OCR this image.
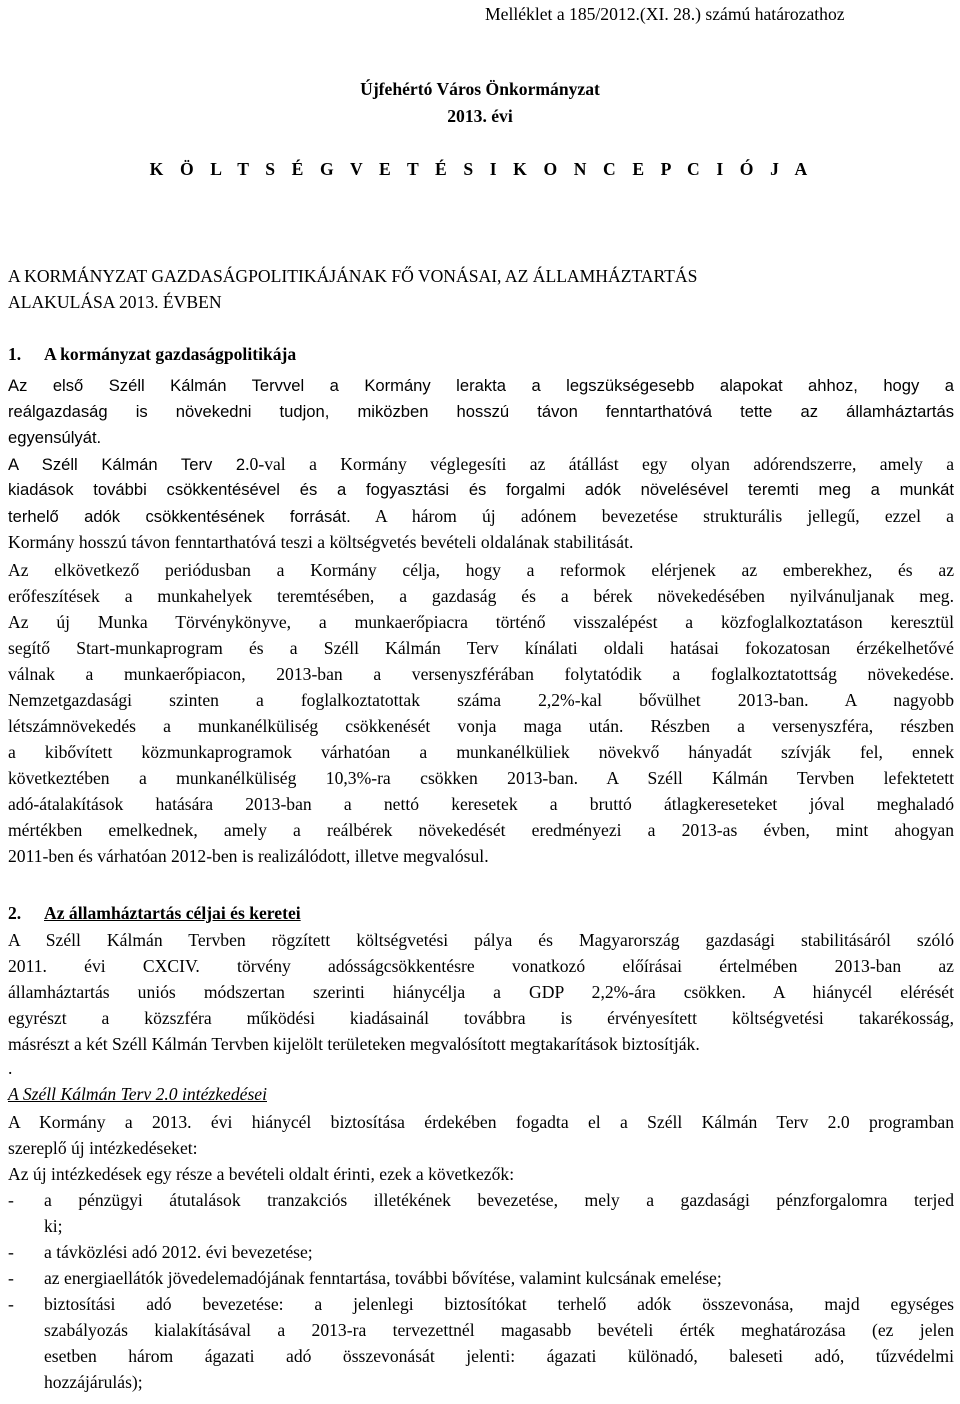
Melléklet a 185/2012.(XI. 28.) számú határozathoz
Újfehértó Város Önkormányzat
2013. évi
K Ö L T S É G V E T É S I K O N C E P C I Ó J A
A KORMÁNYZAT GAZDASÁGPOLITIKÁJÁNAK FŐ VONÁSAI, AZ ÁLLAMHÁZTARTÁS
ALAKULÁSA 2013. ÉVBEN
1. A kormányzat gazdaságpolitikája
Az első Széll Kálmán Tervvel a Kormány lerakta a legszükségesebb alapokat ahhoz, hogy a
reálgazdaság is növekedni tudjon, miközben hosszú távon fenntarthatóvá tette az államháztartás
egyensúlyát.
A Széll Kálmán Terv 2.0-val a Kormány véglegesíti az átállást egy olyan adórendszerre, amely a
kiadások további csökkentésével és a fogyasztási és forgalmi adók növelésével teremti meg a munkát
terhelő adók csökkentésének forrását. A három új adónem bevezetése strukturális jellegű, ezzel a
Kormány hosszú távon fenntarthatóvá teszi a költségvetés bevételi oldalának stabilitását.
Az elkövetkező periódusban a Kormány célja, hogy a reformok elérjenek az emberekhez, és az
erőfeszítések a munkahelyek teremtésében, a gazdaság és a bérek növekedésében nyilvánuljanak meg.
Az új Munka Törvénykönyve, a munkaerőpiacra történő visszalépést a közfoglalkoztatáson keresztül
segítő Start-munkaprogram és a Széll Kálmán Terv kínálati oldali hatásai fokozatosan érzékelhetővé
válnak a munkaerőpiacon, 2013-ban a versenyszférában folytatódik a foglalkoztatottság növekedése.
Nemzetgazdasági szinten a foglalkoztatottak száma 2,2%-kal bővülhet 2013-ban. A nagyobb
létszámnövekedés a munkanélküliség csökkenését vonja maga után. Részben a versenyszféra, részben
a kibővített közmunkaprogramok várhatóan a munkanélküliek növekvő hányadát szívják fel, ennek
következtében a munkanélküliség 10,3%-ra csökken 2013-ban. A Széll Kálmán Tervben lefektetett
adó-átalakítások hatására 2013-ban a nettó keresetek a bruttó átlagkereseteket jóval meghaladó
mértékben emelkednek, amely a reálbérek növekedését eredményezi a 2013-as évben, mint ahogyan
2011-ben és várhatóan 2012-ben is realizálódott, illetve megvalósul.
2. Az államháztartás céljai és keretei
A Széll Kálmán Tervben rögzített költségvetési pálya és Magyarország gazdasági stabilitásáról szóló
2011. évi CXCIV. törvény adósságcsökkentésre vonatkozó előírásai értelmében 2013-ban az
államháztartás uniós módszertan szerinti hiánycélja a GDP 2,2%-ára csökken. A hiánycél elérését
egyrészt a közszféra működési kiadásainál továbbra is érvényesített költségvetési takarékosság,
másrészt a két Széll Kálmán Tervben kijelölt területeken megvalósított megtakarítások biztosítják.
.
A Széll Kálmán Terv 2.0 intézkedései
A Kormány a 2013. évi hiánycél biztosítása érdekében fogadta el a Széll Kálmán Terv 2.0 programban
szereplő új intézkedéseket:
Az új intézkedések egy része a bevételi oldalt érinti, ezek a következők:
- a pénzügyi átutalások tranzakciós illetékének bevezetése, mely a gazdasági pénzforgalomra terjed
ki;
- a távközlési adó 2012. évi bevezetése;
- az energiaellátók jövedelemadójának fenntartása, további bővítése, valamint kulcsának emelése;
- biztosítási adó bevezetése: a jelenlegi biztosítókat terhelő adók összevonása, majd egységes
szabályozás kialakításával a 2013-ra tervezettnél magasabb bevételi érték meghatározása (ez jelen
esetben három ágazati adó összevonását jelenti: ágazati különadó, baleseti adó, tűzvédelmi
hozzájárulás);
